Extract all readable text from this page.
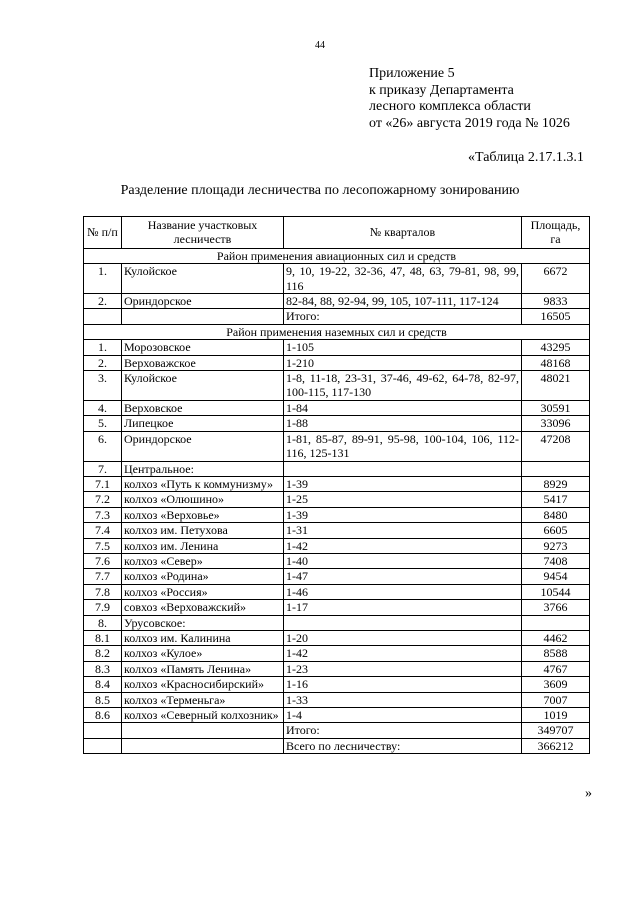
44
Приложение 5
к приказу Департамента
лесного комплекса области
от «26» августа 2019 года № 1026
«Таблица 2.17.1.3.1
Разделение площади лесничества по лесопожарному зонированию
№ п/п	Название участковых лесничеств	№ кварталов	Площадь, га
Район применения авиационных сил и средств			
1.	Кулойское	9, 10, 19-22, 32-36, 47, 48, 63, 79-81, 98, 99, 116	6672
2.	Ориндорское	82-84, 88, 92-94, 99, 105, 107-111, 117-124	9833
		Итого:	16505
Район применения наземных сил и средств			
1.	Морозовское	1-105	43295
2.	Верховажское	1-210	48168
3.	Кулойское	1-8, 11-18, 23-31, 37-46, 49-62, 64-78, 82-97, 100-115, 117-130	48021
4.	Верховское	1-84	30591
5.	Липецкое	1-88	33096
6.	Ориндорское	1-81, 85-87, 89-91, 95-98, 100-104, 106, 112-116, 125-131	47208
7.	Центральное:		
7.1	колхоз «Путь к коммунизму»	1-39	8929
7.2	колхоз «Олюшино»	1-25	5417
7.3	колхоз «Верховье»	1-39	8480
7.4	колхоз им. Петухова	1-31	6605
7.5	колхоз им. Ленина	1-42	9273
7.6	колхоз «Север»	1-40	7408
7.7	колхоз «Родина»	1-47	9454
7.8	колхоз «Россия»	1-46	10544
7.9	совхоз «Верховажский»	1-17	3766
8.	Урусовское:		
8.1	колхоз им. Калинина	1-20	4462
8.2	колхоз «Кулое»	1-42	8588
8.3	колхоз «Память Ленина»	1-23	4767
8.4	колхоз «Красносибирский»	1-16	3609
8.5	колхоз «Терменьга»	1-33	7007
8.6	колхоз «Северный колхозник»	1-4	1019
		Итого:	349707
		Всего по лесничеству:	366212
»
